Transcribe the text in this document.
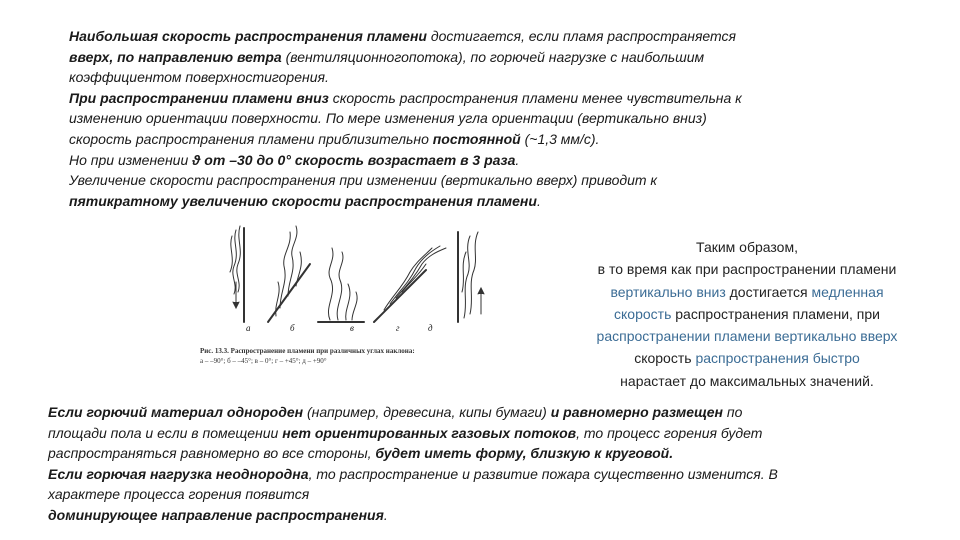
Наибольшая скорость распространения пламени достигается, если пламя распространяется
вверх, по направлению ветра (вентиляционногопотока), по горючей нагрузке с наибольшим
коэффициентом поверхностигорения.
При распространении пламени вниз скорость распространения пламени менее чувствительна к
изменению ориентации поверхности. По мере изменения угла ориентации (вертикально вниз)
скорость распространения пламени приблизительно постоянной (~1,3 мм/с).
Но при изменении ϑ от –30 до 0° скорость возрастает в 3 раза.
Увеличение скорости распространения при изменении (вертикально вверх) приводит к
пятикратному увеличению скорости распространения пламени.
а	б	в	г	д
Рис. 13.3. Распространение пламени при различных углах наклона:
а – –90°; б – –45°; в – 0°; г – +45°; д – +90°
Таким образом,
в то время как при распространении пламени
вертикально вниз достигается медленная
скорость распространения пламени, при
распространении пламени вертикально вверх
скорость распространения быстро
нарастает до максимальных значений.
Если горючий материал однороден (например, древесина, кипы бумаги) и равномерно размещен по
площади пола и если в помещении нет ориентированных газовых потоков, то процесс горения будет
распространяться равномерно во все стороны, будет иметь форму, близкую к круговой.
Если горючая нагрузка неоднородна, то распространение и развитие пожара существенно изменится. В
характере процесса горения появится
доминирующее направление распространения.
